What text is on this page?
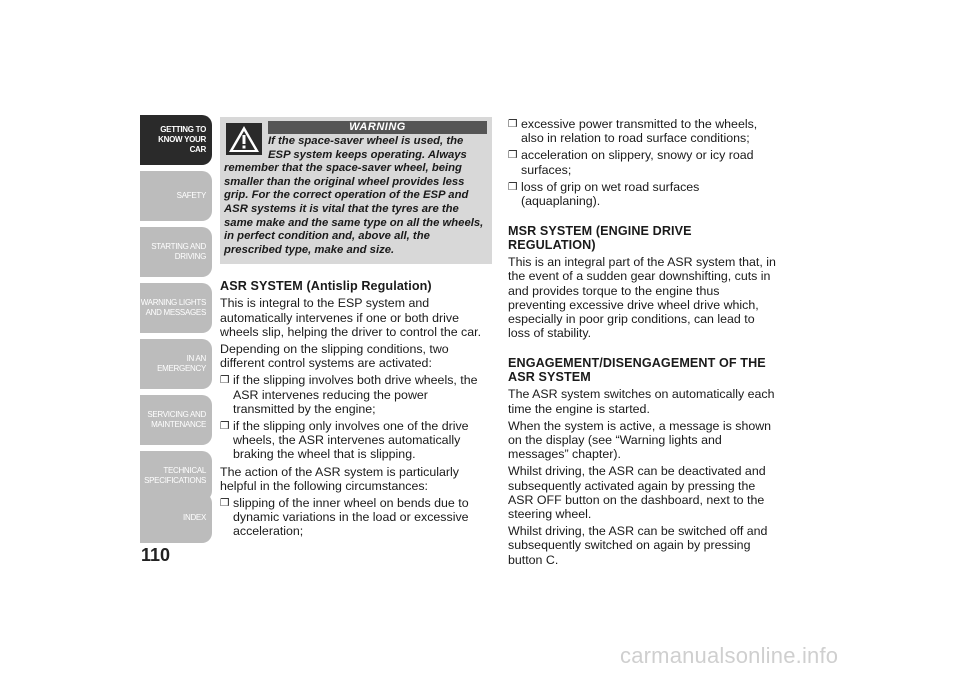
GETTING TO
KNOW YOUR CAR
SAFETY
STARTING AND
DRIVING
WARNING LIGHTS
AND MESSAGES
IN AN EMERGENCY
SERVICING AND
MAINTENANCE
TECHNICAL
SPECIFICATIONS
INDEX
110
WARNING
If the space-saver wheel is used, the
ESP system keeps operating. Always
remember that the space-saver wheel, being smaller than the original wheel provides less grip. For the correct operation of the ESP and ASR systems it is vital that the tyres are the same make and the same type on all the wheels, in perfect condition and, above all, the prescribed type, make and size.
ASR SYSTEM (Antislip Regulation)

This is integral to the ESP system and automatically intervenes if one or both drive wheels slip, helping the driver to control the car.

Depending on the slipping conditions, two different control systems are activated:

❒ if the slipping involves both drive wheels, the ASR intervenes reducing the power transmitted by the engine;
❒ if the slipping only involves one of the drive wheels, the ASR intervenes automatically braking the wheel that is slipping.

The action of the ASR system is particularly helpful in the following circumstances:

❒ slipping of the inner wheel on bends due to dynamic variations in the load or excessive acceleration;
❒ excessive power transmitted to the wheels, also in relation to road surface conditions;
❒ acceleration on slippery, snowy or icy road surfaces;
❒ loss of grip on wet road surfaces (aquaplaning).
MSR SYSTEM (ENGINE DRIVE REGULATION)

This is an integral part of the ASR system that, in the event of a sudden gear downshifting, cuts in and provides torque to the engine thus preventing excessive drive wheel drive which, especially in poor grip conditions, can lead to loss of stability.

ENGAGEMENT/DISENGAGEMENT OF THE ASR SYSTEM

The ASR system switches on automatically each time the engine is started.

When the system is active, a message is shown on the display (see “Warning lights and messages” chapter).

Whilst driving, the ASR can be deactivated and subsequently activated again by pressing the ASR OFF button on the dashboard, next to the steering wheel.

Whilst driving, the ASR can be switched off and subsequently switched on again by pressing button C.

carmanualsonline.info
